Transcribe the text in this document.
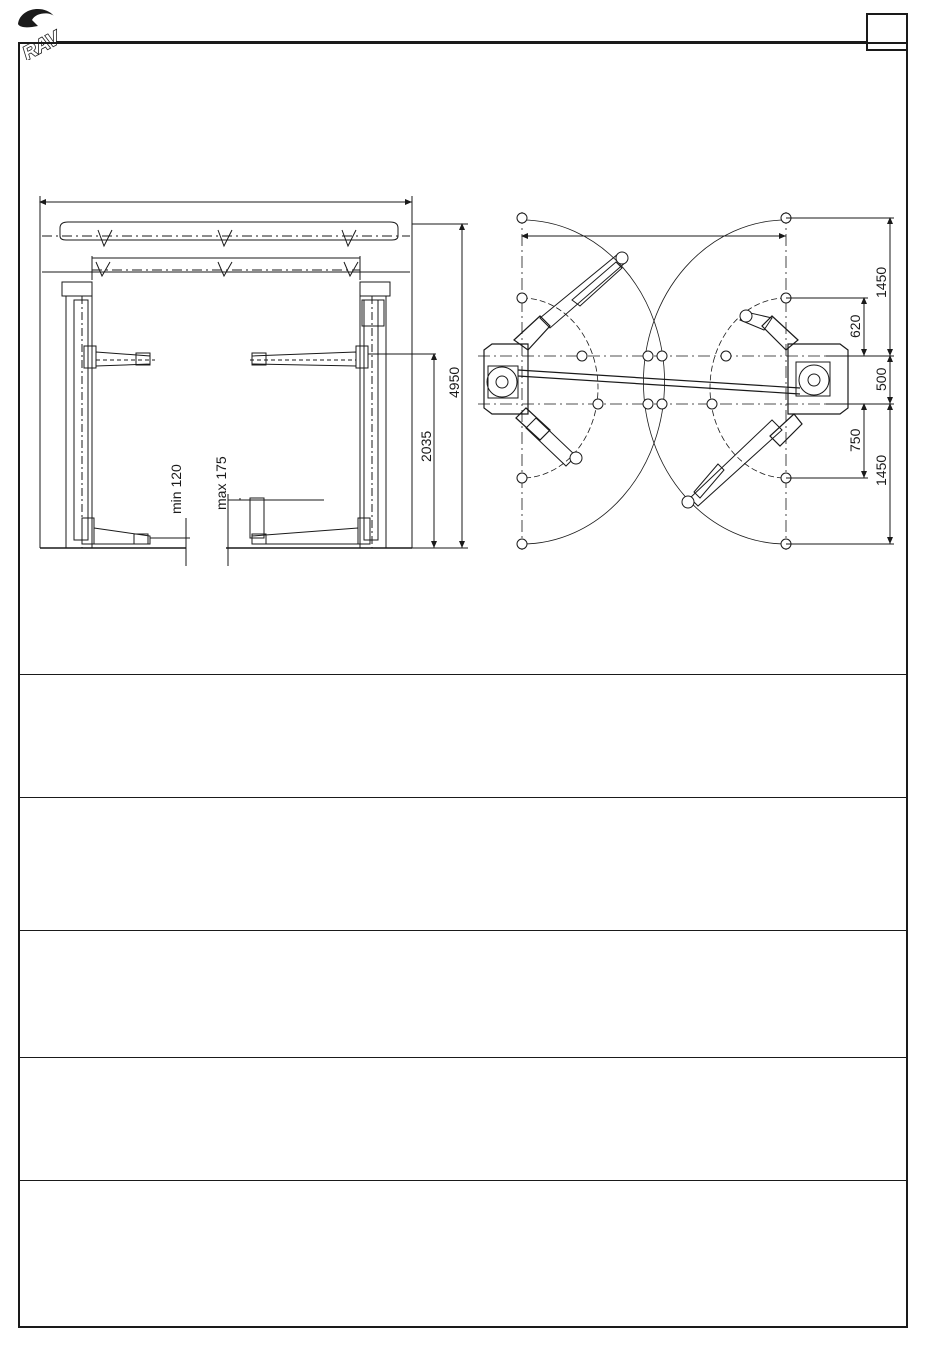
RAV
min 120 max 175
2035
4950
1450
620
500
750
1450
